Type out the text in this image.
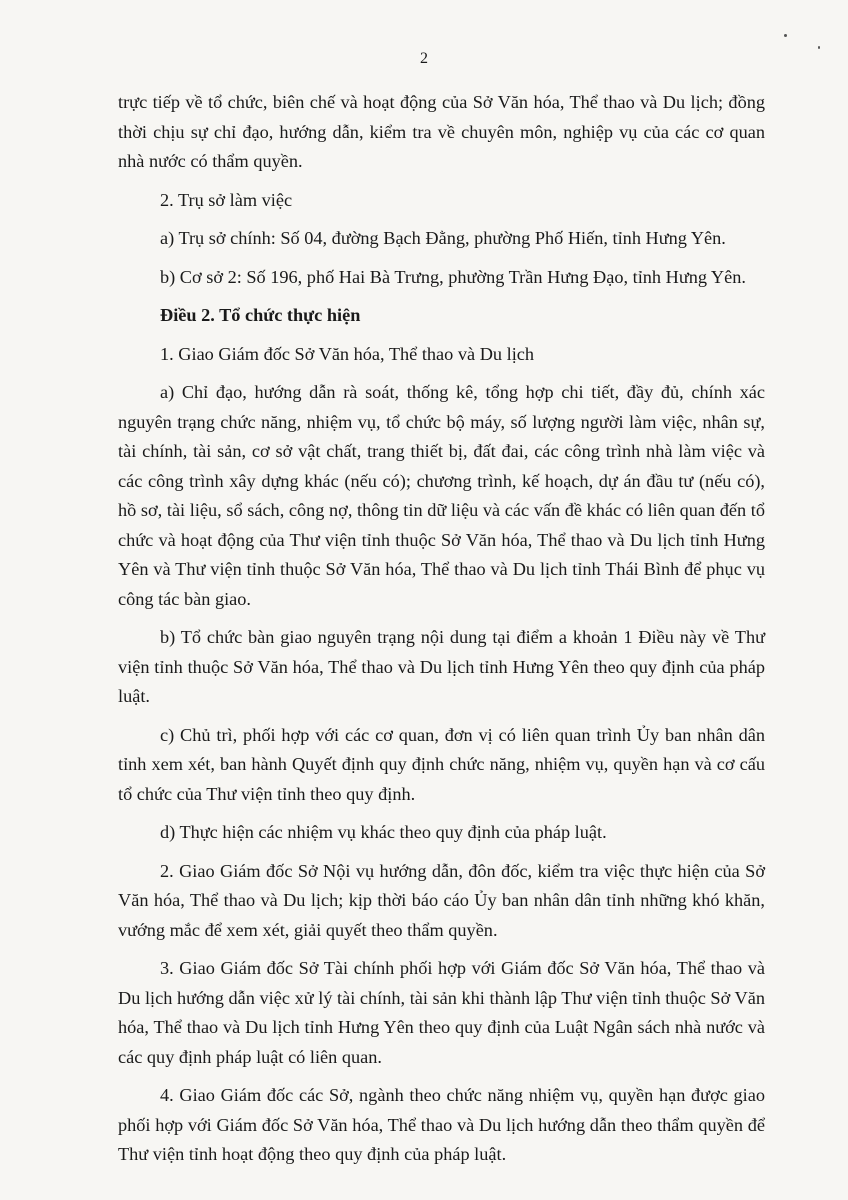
2

trực tiếp về tổ chức, biên chế và hoạt động của Sở Văn hóa, Thể thao và Du lịch; đồng thời chịu sự chỉ đạo, hướng dẫn, kiểm tra về chuyên môn, nghiệp vụ của các cơ quan nhà nước có thẩm quyền.

2. Trụ sở làm việc

a) Trụ sở chính: Số 04, đường Bạch Đằng, phường Phố Hiến, tỉnh Hưng Yên.

b) Cơ sở 2: Số 196, phố Hai Bà Trưng, phường Trần Hưng Đạo, tỉnh Hưng Yên.

Điều 2. Tổ chức thực hiện

1. Giao Giám đốc Sở Văn hóa, Thể thao và Du lịch

a) Chỉ đạo, hướng dẫn rà soát, thống kê, tổng hợp chi tiết, đầy đủ, chính xác nguyên trạng chức năng, nhiệm vụ, tổ chức bộ máy, số lượng người làm việc, nhân sự, tài chính, tài sản, cơ sở vật chất, trang thiết bị, đất đai, các công trình nhà làm việc và các công trình xây dựng khác (nếu có); chương trình, kế hoạch, dự án đầu tư (nếu có), hồ sơ, tài liệu, sổ sách, công nợ, thông tin dữ liệu và các vấn đề khác có liên quan đến tổ chức và hoạt động của Thư viện tỉnh thuộc Sở Văn hóa, Thể thao và Du lịch tỉnh Hưng Yên và Thư viện tỉnh thuộc Sở Văn hóa, Thể thao và Du lịch tỉnh Thái Bình để phục vụ công tác bàn giao.

b) Tổ chức bàn giao nguyên trạng nội dung tại điểm a khoản 1 Điều này về Thư viện tỉnh thuộc Sở Văn hóa, Thể thao và Du lịch tỉnh Hưng Yên theo quy định của pháp luật.

c) Chủ trì, phối hợp với các cơ quan, đơn vị có liên quan trình Ủy ban nhân dân tỉnh xem xét, ban hành Quyết định quy định chức năng, nhiệm vụ, quyền hạn và cơ cấu tổ chức của Thư viện tỉnh theo quy định.

d) Thực hiện các nhiệm vụ khác theo quy định của pháp luật.

2. Giao Giám đốc Sở Nội vụ hướng dẫn, đôn đốc, kiểm tra việc thực hiện của Sở Văn hóa, Thể thao và Du lịch; kịp thời báo cáo Ủy ban nhân dân tỉnh những khó khăn, vướng mắc để xem xét, giải quyết theo thẩm quyền.

3. Giao Giám đốc Sở Tài chính phối hợp với Giám đốc Sở Văn hóa, Thể thao và Du lịch hướng dẫn việc xử lý tài chính, tài sản khi thành lập Thư viện tỉnh thuộc Sở Văn hóa, Thể thao và Du lịch tỉnh Hưng Yên theo quy định của Luật Ngân sách nhà nước và các quy định pháp luật có liên quan.

4. Giao Giám đốc các Sở, ngành theo chức năng nhiệm vụ, quyền hạn được giao phối hợp với Giám đốc Sở Văn hóa, Thể thao và Du lịch hướng dẫn theo thẩm quyền để Thư viện tỉnh hoạt động theo quy định của pháp luật.
